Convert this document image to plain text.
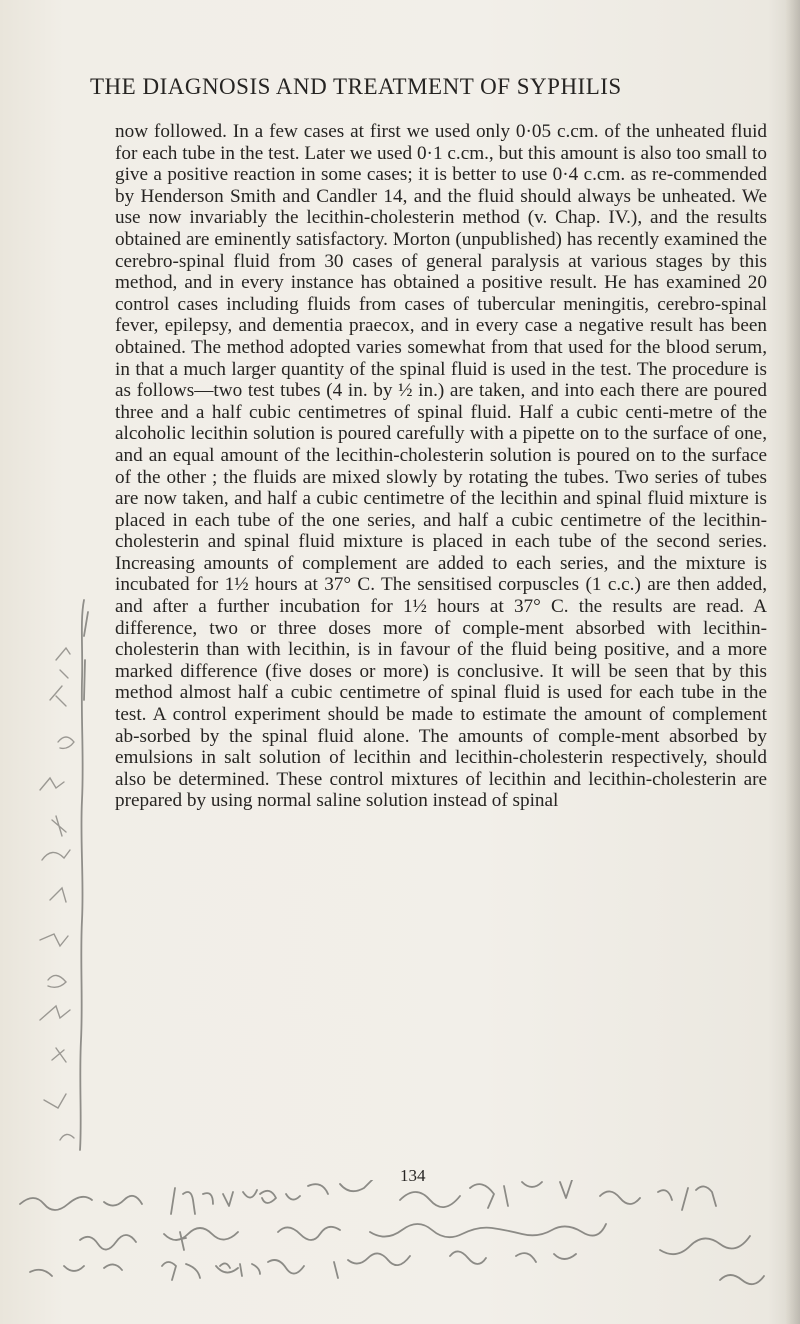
THE DIAGNOSIS AND TREATMENT OF SYPHILIS

now followed. In a few cases at first we used only 0·05 c.cm. of the unheated fluid for each tube in the test. Later we used 0·1 c.cm., but this amount is also too small to give a positive reaction in some cases; it is better to use 0·4 c.cm. as re-commended by Henderson Smith and Candler 14, and the fluid should always be unheated. We use now invariably the lecithin-cholesterin method (v. Chap. IV.), and the results obtained are eminently satisfactory. Morton (unpublished) has recently examined the cerebro-spinal fluid from 30 cases of general paralysis at various stages by this method, and in every instance has obtained a positive result. He has examined 20 control cases including fluids from cases of tubercular meningitis, cerebro-spinal fever, epilepsy, and dementia praecox, and in every case a negative result has been obtained. The method adopted varies somewhat from that used for the blood serum, in that a much larger quantity of the spinal fluid is used in the test. The procedure is as follows—two test tubes (4 in. by ½ in.) are taken, and into each there are poured three and a half cubic centimetres of spinal fluid. Half a cubic centi-metre of the alcoholic lecithin solution is poured carefully with a pipette on to the surface of one, and an equal amount of the lecithin-cholesterin solution is poured on to the surface of the other ; the fluids are mixed slowly by rotating the tubes. Two series of tubes are now taken, and half a cubic centimetre of the lecithin and spinal fluid mixture is placed in each tube of the one series, and half a cubic centimetre of the lecithin-cholesterin and spinal fluid mixture is placed in each tube of the second series. Increasing amounts of complement are added to each series, and the mixture is incubated for 1½ hours at 37° C. The sensitised corpuscles (1 c.c.) are then added, and after a further incubation for 1½ hours at 37° C. the results are read. A difference, two or three doses more of comple-ment absorbed with lecithin-cholesterin than with lecithin, is in favour of the fluid being positive, and a more marked difference (five doses or more) is conclusive. It will be seen that by this method almost half a cubic centimetre of spinal fluid is used for each tube in the test. A control experiment should be made to estimate the amount of complement ab-sorbed by the spinal fluid alone. The amounts of comple-ment absorbed by emulsions in salt solution of lecithin and lecithin-cholesterin respectively, should also be determined. These control mixtures of lecithin and lecithin-cholesterin are prepared by using normal saline solution instead of spinal

134
